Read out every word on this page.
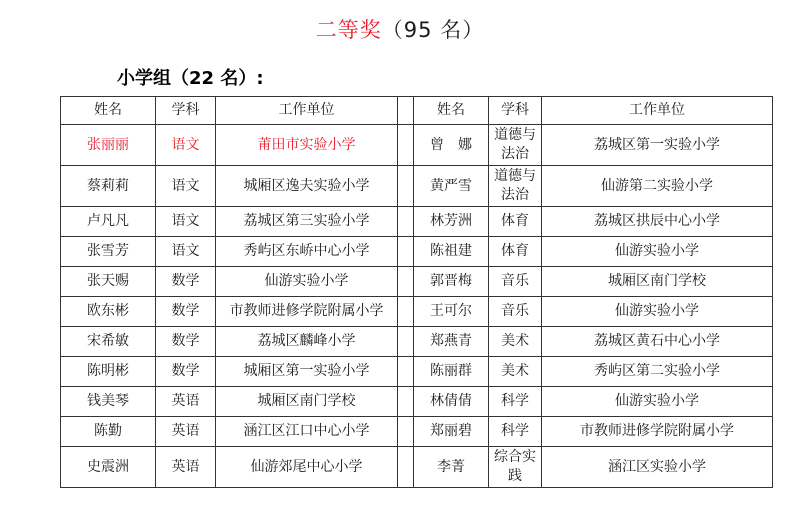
二等奖（95 名）
小学组（22 名）:
姓名	学科	工作单位		姓名	学科	工作单位
张丽丽	语文	莆田市实验小学		曾　娜	道德与法治	荔城区第一实验小学
蔡莉莉	语文	城厢区逸夫实验小学		黄严雪	道德与法治	仙游第二实验小学
卢凡凡	语文	荔城区第三实验小学		林芳洲	体育	荔城区拱辰中心小学
张雪芳	语文	秀屿区东峤中心小学		陈祖建	体育	仙游实验小学
张天赐	数学	仙游实验小学		郭晋梅	音乐	城厢区南门学校
欧东彬	数学	市教师进修学院附属小学		王可尔	音乐	仙游实验小学
宋希敏	数学	荔城区麟峰小学		郑燕青	美术	荔城区黄石中心小学
陈明彬	数学	城厢区第一实验小学		陈丽群	美术	秀屿区第二实验小学
钱美琴	英语	城厢区南门学校		林倩倩	科学	仙游实验小学
陈勤	英语	涵江区江口中心小学		郑丽碧	科学	市教师进修学院附属小学
史震洲	英语	仙游郊尾中心小学		李菁	综合实践	涵江区实验小学
